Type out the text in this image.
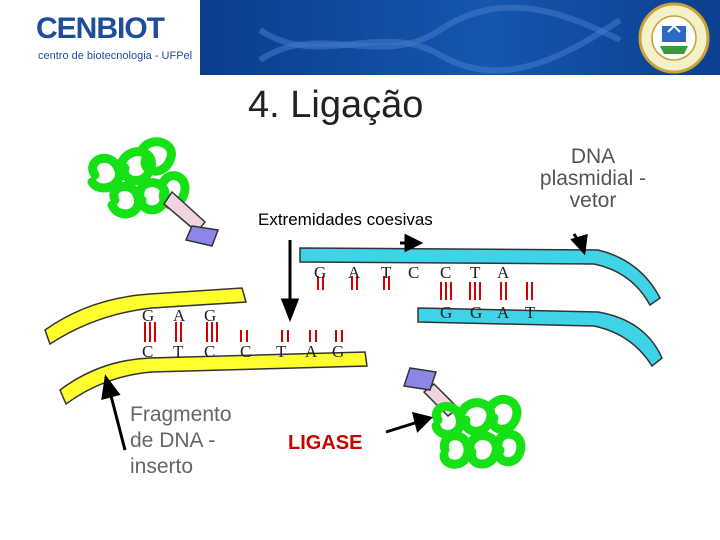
CENBIOT
centro de biotecnologia - UFPel
4. Ligação
G A G
C T C C T A G
G A T C C T A
G G A T
Extremidades coesivas
DNA
plasmidial -
vetor
Fragmento
de DNA -
inserto
LIGASE
